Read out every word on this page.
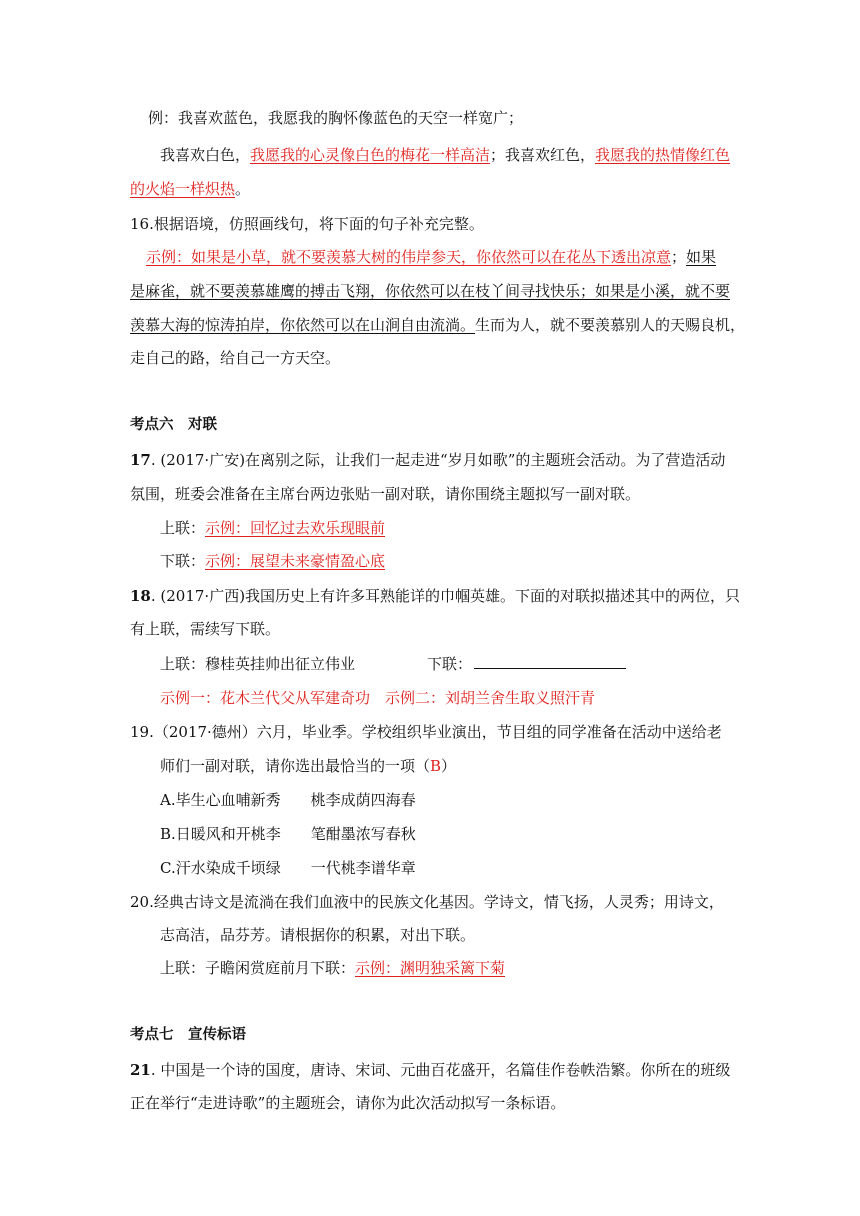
例：我喜欢蓝色，我愿我的胸怀像蓝色的天空一样宽广；
我喜欢白色，我愿我的心灵像白色的梅花一样高洁；我喜欢红色，我愿我的热情像红色
的火焰一样炽热。
16.根据语境，仿照画线句，将下面的句子补充完整。
示例：如果是小草，就不要羡慕大树的伟岸参天，你依然可以在花丛下透出凉意；如果
是麻雀，就不要羡慕雄鹰的搏击飞翔，你依然可以在枝丫间寻找快乐；如果是小溪，就不要
羡慕大海的惊涛拍岸，你依然可以在山涧自由流淌。生而为人，就不要羡慕别人的天赐良机，
走自己的路，给自己一方天空。
考点六　对联
17. (2017·广安)在离别之际，让我们一起走进“岁月如歌”的主题班会活动。为了营造活动
氛围，班委会准备在主席台两边张贴一副对联，请你围绕主题拟写一副对联。
上联：示例：回忆过去欢乐现眼前
下联：示例：展望未来豪情盈心底
18. (2017·广西)我国历史上有许多耳熟能详的巾帼英雄。下面的对联拟描述其中的两位，只
有上联，需续写下联。
上联：穆桂英挂帅出征立伟业	下联：
示例一：花木兰代父从军建奇功　示例二：刘胡兰舍生取义照汗青
19.（2017·德州）六月，毕业季。学校组织毕业演出，节目组的同学准备在活动中送给老
师们一副对联，请你选出最恰当的一项（B）
A.毕生心血哺新秀　　桃李成荫四海春
B.日暖风和开桃李　　笔酣墨浓写春秋
C.汗水染成千顷绿　　一代桃李谱华章
20.经典古诗文是流淌在我们血液中的民族文化基因。学诗文，情飞扬，人灵秀；用诗文，
志高洁，品芬芳。请根据你的积累，对出下联。
上联：子瞻闲赏庭前月下联：示例：渊明独采篱下菊
考点七　宣传标语
21. 中国是一个诗的国度，唐诗、宋词、元曲百花盛开，名篇佳作卷帙浩繁。你所在的班级
正在举行“走进诗歌”的主题班会，请你为此次活动拟写一条标语。
